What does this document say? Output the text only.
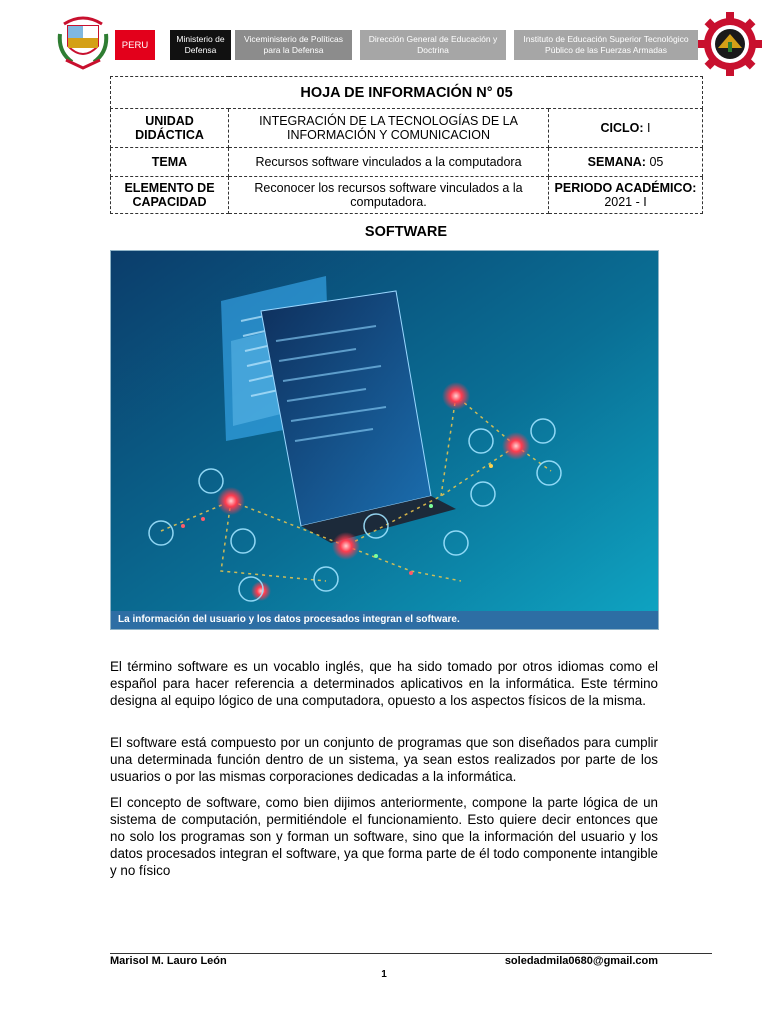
PERU
Ministerio de Defensa
Viceministerio de Políticas para la Defensa
Dirección General de Educación y Doctrina
Instituto de Educación Superior Tecnológico Público de las Fuerzas Armadas
HOJA DE INFORMACIÓN N° 05		
UNIDAD DIDÁCTICA	INTEGRACIÓN DE LA TECNOLOGÍAS DE LA INFORMACIÓN Y COMUNICACION	CICLO: I
TEMA	Recursos software vinculados a la computadora	SEMANA: 05
ELEMENTO DE CAPACIDAD	Reconocer los recursos software vinculados a la computadora.	PERIODO ACADÉMICO: 2021 - I
SOFTWARE
La información del usuario y los datos procesados integran el software.

El término software es un vocablo inglés, que ha sido tomado por otros idiomas como el español para hacer referencia a determinados aplicativos en la informática. Este término designa al equipo lógico de una computadora, opuesto a los aspectos físicos de la misma.

El software está compuesto por un conjunto de programas que son diseñados para cumplir una determinada función dentro de un sistema, ya sean estos realizados por parte de los usuarios o por las mismas corporaciones dedicadas a la informática.

El concepto de software, como bien dijimos anteriormente, compone la parte lógica de un sistema de computación, permitiéndole el funcionamiento. Esto quiere decir entonces que no solo los programas son y forman un software, sino que la información del usuario y los datos procesados integran el software, ya que forma parte de él todo componente intangible y no físico

Marisol M. Lauro León	soledadmila0680@gmail.com
1
